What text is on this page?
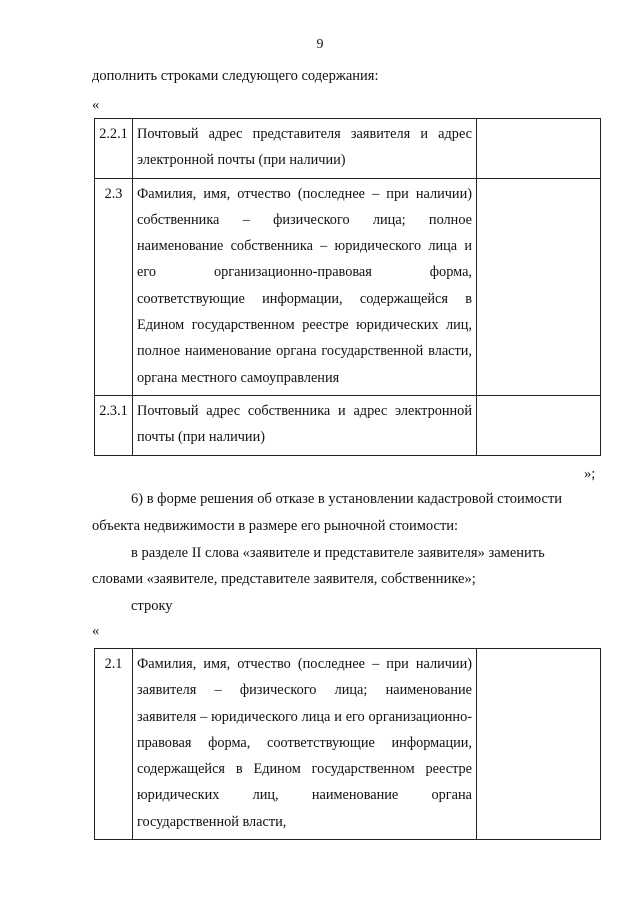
9
дополнить строками следующего содержания:
«
2.2.1	Почтовый адрес представителя заявителя и адрес электронной почты (при наличии)	
2.3	Фамилия, имя, отчество (последнее – при наличии) собственника – физического лица; полное наименование собственника – юридического лица и его организационно-правовая форма, соответствующие информации, содержащейся в Едином государственном реестре юридических лиц, полное наименование органа государственной власти, органа местного самоуправления	
2.3.1	Почтовый адрес собственника и адрес электронной почты (при наличии)	
»;
6) в форме решения об отказе в установлении кадастровой стоимости
объекта недвижимости в размере его рыночной стоимости:
в разделе II слова «заявителе и представителе заявителя» заменить
словами «заявителе, представителе заявителя, собственнике»;
строку
«
2.1	Фамилия, имя, отчество (последнее – при наличии) заявителя – физического лица; наименование заявителя – юридического лица и его организационно-правовая форма, соответствующие информации, содержащейся в Едином государственном реестре юридических лиц, наименование органа государственной власти,	
